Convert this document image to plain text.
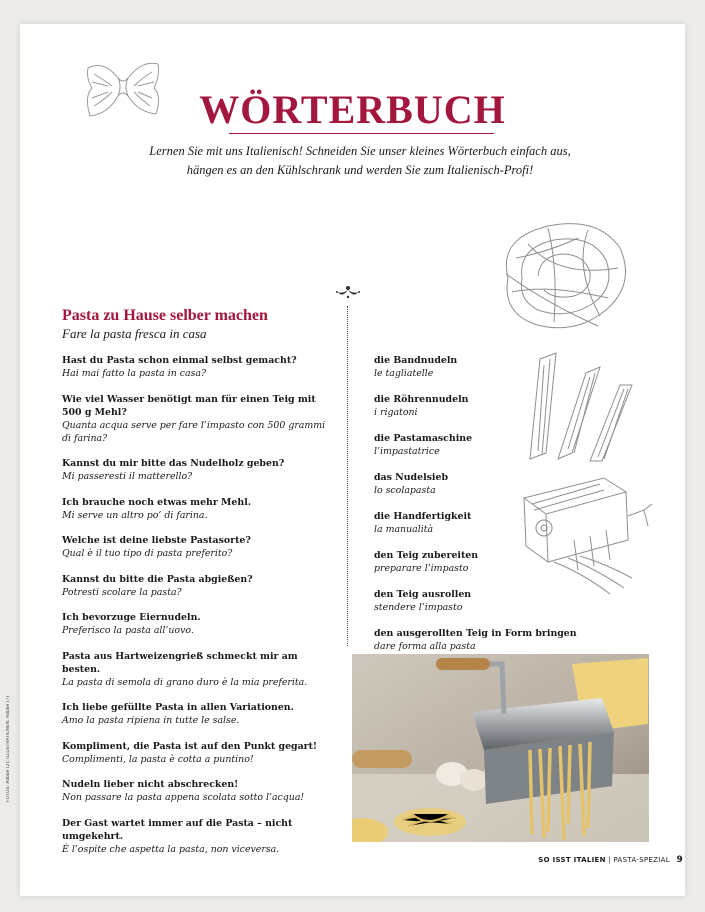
WÖRTERBUCH
Lernen Sie mit uns Italienisch! Schneiden Sie unser kleines Wörterbuch einfach aus,
hängen es an den Kühlschrank und werden Sie zum Italienisch-Profi!
Pasta zu Hause selber machen
Fare la pasta fresca in casa
Hast du Pasta schon einmal selbst gemacht?
Hai mai fatto la pasta in casa?
Wie viel Wasser benötigt man für einen Teig mit 500 g Mehl?
Quanta acqua serve per fare l’impasto con 500 grammi di farina?
Kannst du mir bitte das Nudelholz geben?
Mi passeresti il matterello?
Ich brauche noch etwas mehr Mehl.
Mi serve un altro po’ di farina.
Welche ist deine liebste Pastasorte?
Qual è il tuo tipo di pasta preferito?
Kannst du bitte die Pasta abgießen?
Potresti scolare la pasta?
Ich bevorzuge Eiernudeln.
Preferisco la pasta all’uovo.
Pasta aus Hartweizengrieß schmeckt mir am besten.
La pasta di semola di grano duro è la mia preferita.
Ich liebe gefüllte Pasta in allen Variationen.
Amo la pasta ripiena in tutte le salse.
Kompliment, die Pasta ist auf den Punkt gegart!
Complimenti, la pasta è cotta a puntino!
Nudeln lieber nicht abschrecken!
Non passare la pasta appena scolata sotto l’acqua!
Der Gast wartet immer auf die Pasta – nicht umgekehrt.
È l’ospite che aspetta la pasta, non viceversa.
die Bandnudeln
le tagliatelle
die Röhrennudeln
i rigatoni
die Pastamaschine
l’impastatrice
das Nudelsieb
lo scolapasta
die Handfertigkeit
la manualità
den Teig zubereiten
preparare l’impasto
den Teig ausrollen
stendere l’impasto
den ausgerollten Teig in Form bringen
dare forma alla pasta
FOTOS: Adobe (2); ILLUSTRATIONEN: Adobe (7)
SO ISST ITALIEN | PASTA-SPEZIAL 9
